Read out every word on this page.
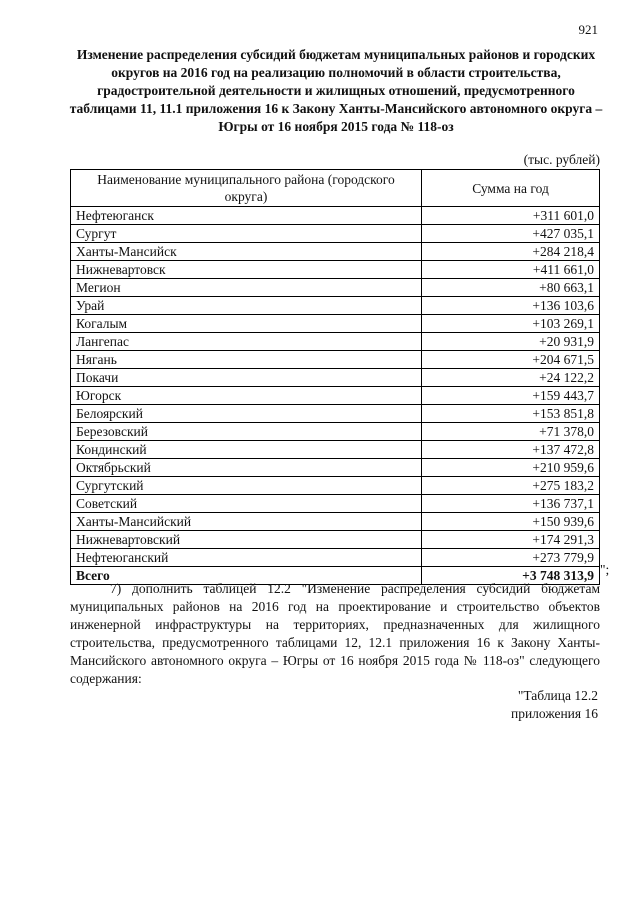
921
Изменение распределения субсидий бюджетам муниципальных районов и городских округов на 2016 год на реализацию полномочий в области строительства, градостроительной деятельности и жилищных отношений, предусмотренного таблицами 11, 11.1 приложения 16 к Закону Ханты-Мансийского автономного округа – Югры от 16 ноября 2015 года № 118-оз
(тыс. рублей)
Наименование муниципального района (городского округа)	Сумма на год
Нефтеюганск	+311 601,0
Сургут	+427 035,1
Ханты-Мансийск	+284 218,4
Нижневартовск	+411 661,0
Мегион	+80 663,1
Урай	+136 103,6
Когалым	+103 269,1
Лангепас	+20 931,9
Нягань	+204 671,5
Покачи	+24 122,2
Югорск	+159 443,7
Белоярский	+153 851,8
Березовский	+71 378,0
Кондинский	+137 472,8
Октябрьский	+210 959,6
Сургутский	+275 183,2
Советский	+136 737,1
Ханты-Мансийский	+150 939,6
Нижневартовский	+174 291,3
Нефтеюганский	+273 779,9
Всего	+3 748 313,9 ";

7) дополнить таблицей 12.2 "Изменение распределения субсидий бюджетам муниципальных районов на 2016 год на проектирование и строительство объектов инженерной инфраструктуры на территориях, предназначенных для жилищного строительства, предусмотренного таблицами 12, 12.1 приложения 16 к Закону Ханты-Мансийского автономного округа – Югры от 16 ноября 2015 года № 118-оз" следующего содержания:

"Таблица 12.2
приложения 16
